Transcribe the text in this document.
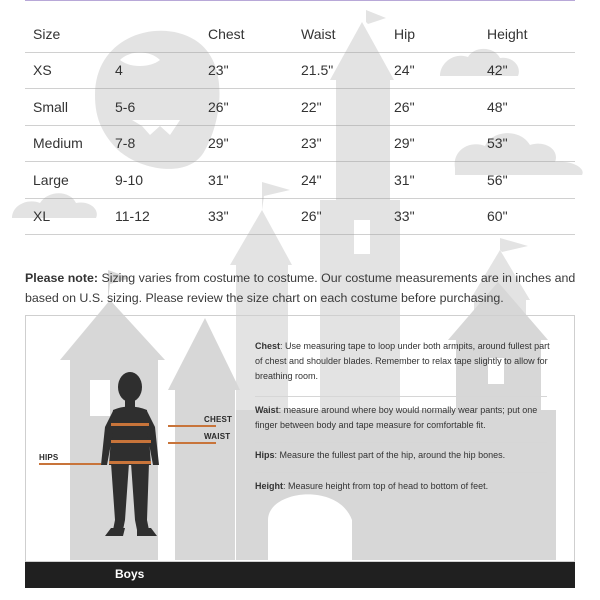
Size		Chest	Waist	Hip	Height
XS	4	23"	21.5"	24"	42"
Small	5-6	26"	22"	26"	48"
Medium	7-8	29"	23"	29"	53"
Large	9-10	31"	24"	31"	56"
XL	11-12	33"	26"	33"	60"

Please note: Sizing varies from costume to costume. Our costume measurements are in inches and based on U.S. sizing. Please review the size chart on each costume before purchasing.

CHEST
WAIST
HIPS
Chest: Use measuring tape to loop under both armpits, around fullest part of chest and shoulder blades. Remember to relax tape slightly to allow for breathing room.
Waist: measure around where boy would normally wear pants; put one finger between body and tape measure for comfortable fit.
Hips: Measure the fullest part of the hip, around the hip bones.
Height: Measure height from top of head to bottom of feet.
Boys
